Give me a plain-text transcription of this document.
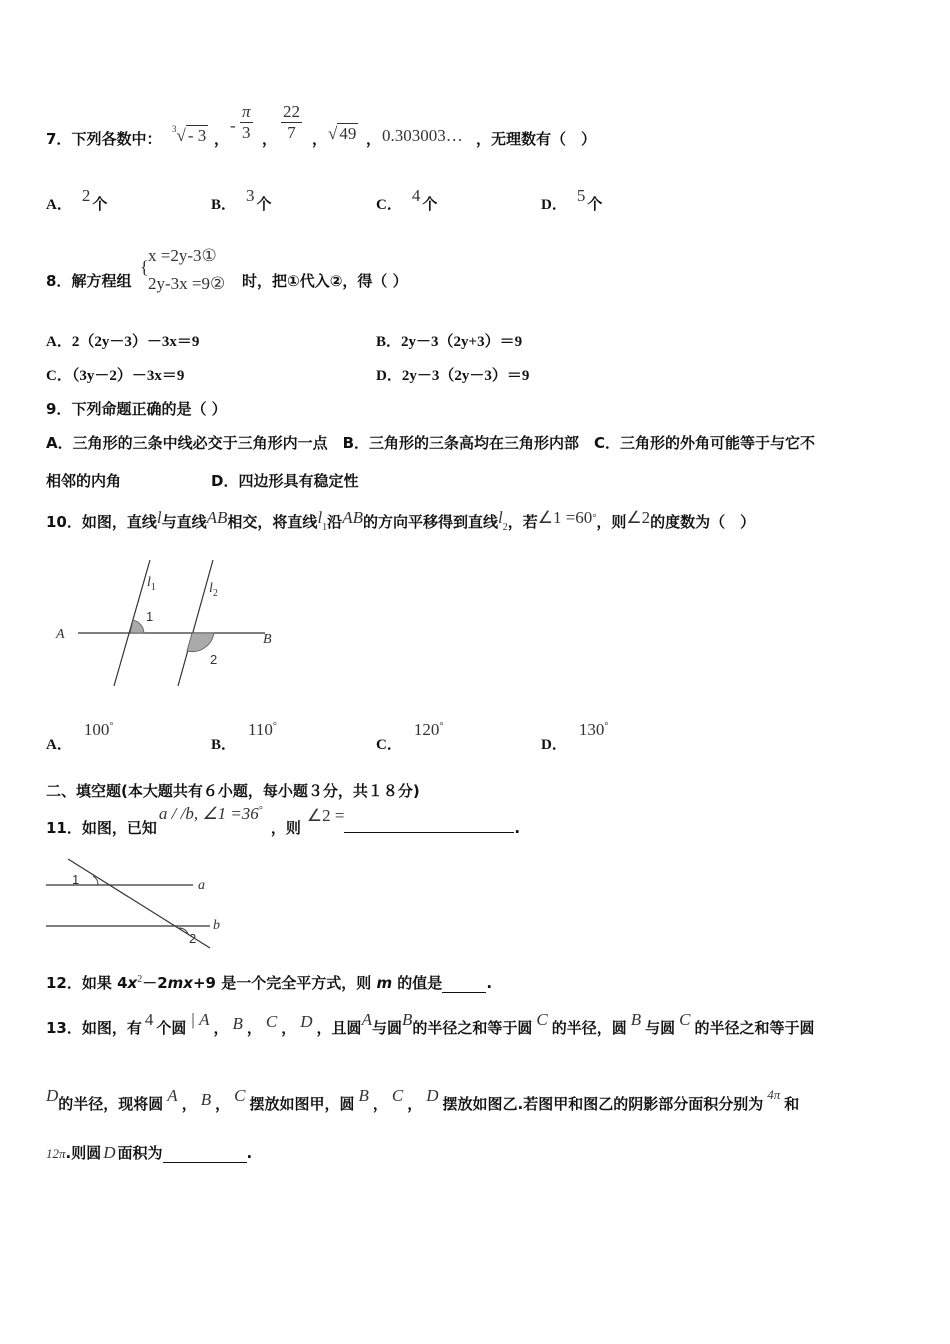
7．下列各数中：
$^3$√ - 3 ，
- $\frac{\pi}{3}$ ， $\frac{22}{7}$ ， √ 49 ， 0.303003… ，无理数有（　）
A． 2 个	B． 3 个	C． 4 个	D． 5 个
8．解方程组
{
x =2y-3①
2y-3x =9② 时，把①代入②，得（ ）
A．2（2y－3）－3x＝9	B．2y－3（2y+3）＝9
C．（3y－2）－3x＝9	D．2y－3（2y－3）＝9
9．下列命题正确的是（ ）
A．三角形的三条中线必交于三角形内一点　B．三角形的三条高均在三角形内部　C．三角形的外角可能等于与它不
相邻的内角	D．四边形具有稳定性
10．如图，直线l与直线AB相交，将直线$l_1$沿AB的方向平移得到直线$l_2$，若∠1 =60°，则∠2的度数为（　）
$l_1$	$l_2$
1
2
A	B
A．100°
B．110°
C．120°
D．130°
二、填空题(本大题共有６小题，每小题３分，共１８分)
11．如图，已知a / /b, ∠1 =36°，则∠2 =.
1
2
a
b
12．如果 $4x^2-2mx+9$ 是一个完全平方式，则 m 的值是	.
13．如图，有 4 个圆 | A ， B ， C ， D ，且圆A与圆B的半径之和等于圆 C 的半径，圆 B 与圆 C 的半径之和等于圆
D的半径，现将圆 A ， B ， C 摆放如图甲，圆 B ， C ， D 摆放如图乙.若图甲和图乙的阴影部分面积分别为$^{4\pi}$和
12π.则圆 D 面积为	.
